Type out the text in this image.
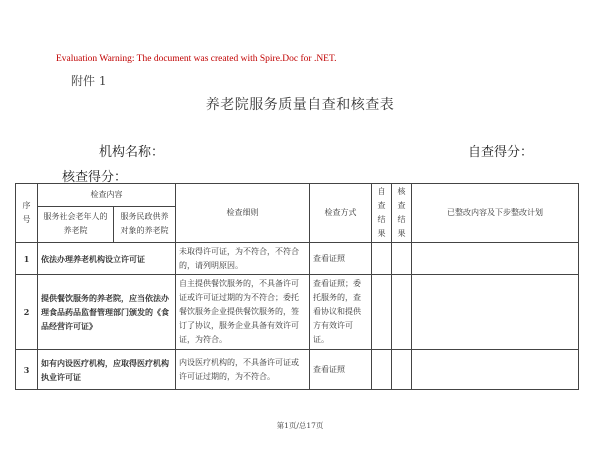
Evaluation Warning: The document was created with Spire.Doc for .NET.
附件 1
养老院服务质量自查和核查表
机构名称：	自查得分：
核查得分：
序号	检查内容		检查细则	检查方式	自查结果	核查结果	已整改内容及下步整改计划
	服务社会老年人的养老院	服务民政供养对象的养老院					
1	依法办理养老机构设立许可证		未取得许可证，为不符合，不符合的，请列明原因。	查看证照			
2	提供餐饮服务的养老院，应当依法办理食品药品监督管理部门颁发的《食品经营许可证》		自主提供餐饮服务的，不具备许可证或许可证过期的为不符合；委托餐饮服务企业提供餐饮服务的，签订了协议，服务企业具备有效许可证，为符合。	查看证照；委托服务的，查看协议和提供方有效许可证。			
3	如有内设医疗机构，应取得医疗机构执业许可证		内设医疗机构的，不具备许可证或许可证过期的，为不符合。	查看证照			
第1页/总17页
